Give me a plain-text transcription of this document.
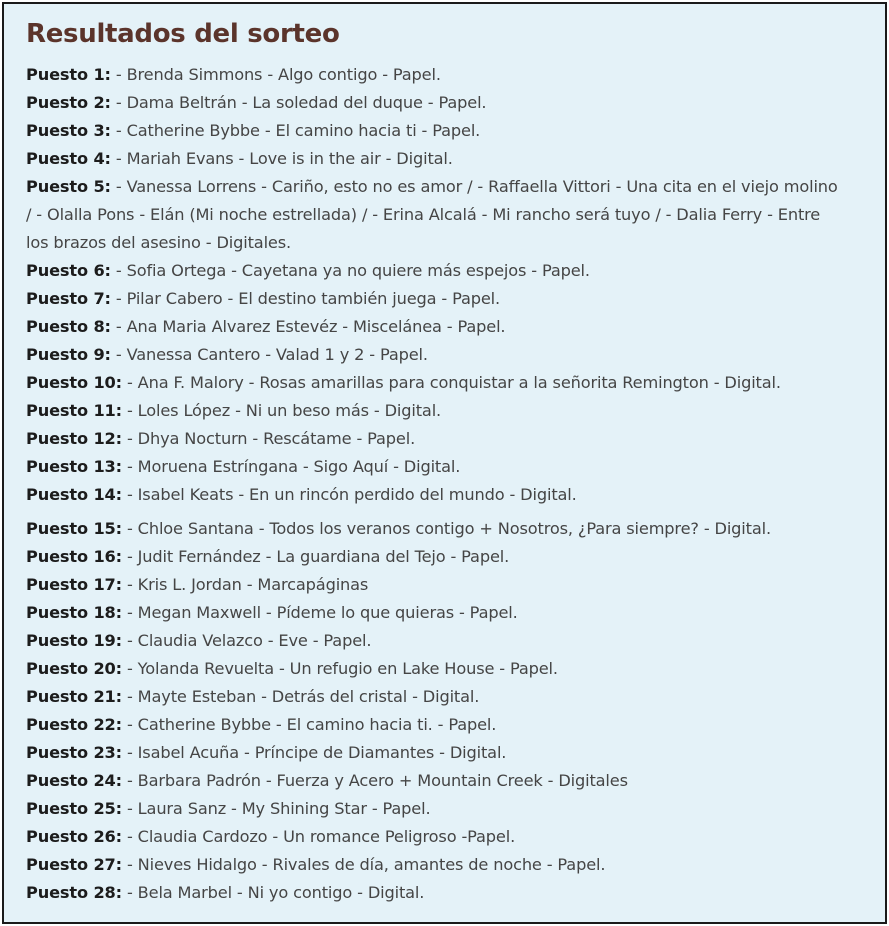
Resultados del sorteo
Puesto 1: - Brenda Simmons - Algo contigo - Papel.
Puesto 2: - Dama Beltrán - La soledad del duque - Papel.
Puesto 3: - Catherine Bybbe - El camino hacia ti - Papel.
Puesto 4: - Mariah Evans - Love is in the air - Digital.
Puesto 5: - Vanessa Lorrens - Cariño, esto no es amor / - Raffaella Vittori - Una cita en el viejo molino / - Olalla Pons - Elán (Mi noche estrellada) / - Erina Alcalá - Mi rancho será tuyo / - Dalia Ferry - Entre los brazos del asesino - Digitales.
Puesto 6: - Sofia Ortega - Cayetana ya no quiere más espejos - Papel.
Puesto 7: - Pilar Cabero - El destino también juega - Papel.
Puesto 8: - Ana Maria Alvarez Estevéz - Miscelánea - Papel.
Puesto 9: - Vanessa Cantero - Valad 1 y 2 - Papel.
Puesto 10: - Ana F. Malory - Rosas amarillas para conquistar a la señorita Remington - Digital.
Puesto 11: - Loles López - Ni un beso más - Digital.
Puesto 12: - Dhya Nocturn - Rescátame - Papel.
Puesto 13: - Moruena Estríngana - Sigo Aquí - Digital.
Puesto 14: - Isabel Keats - En un rincón perdido del mundo - Digital.
Puesto 15: - Chloe Santana - Todos los veranos contigo + Nosotros, ¿Para siempre? - Digital.
Puesto 16: - Judit Fernández - La guardiana del Tejo - Papel.
Puesto 17: - Kris L. Jordan - Marcapáginas
Puesto 18: - Megan Maxwell - Pídeme lo que quieras - Papel.
Puesto 19: - Claudia Velazco - Eve - Papel.
Puesto 20: - Yolanda Revuelta - Un refugio en Lake House - Papel.
Puesto 21: - Mayte Esteban - Detrás del cristal - Digital.
Puesto 22: - Catherine Bybbe - El camino hacia ti. - Papel.
Puesto 23: - Isabel Acuña - Príncipe de Diamantes - Digital.
Puesto 24: - Barbara Padrón - Fuerza y Acero + Mountain Creek - Digitales
Puesto 25: - Laura Sanz - My Shining Star - Papel.
Puesto 26: - Claudia Cardozo - Un romance Peligroso -Papel.
Puesto 27: - Nieves Hidalgo - Rivales de día, amantes de noche - Papel.
Puesto 28: - Bela Marbel - Ni yo contigo - Digital.
